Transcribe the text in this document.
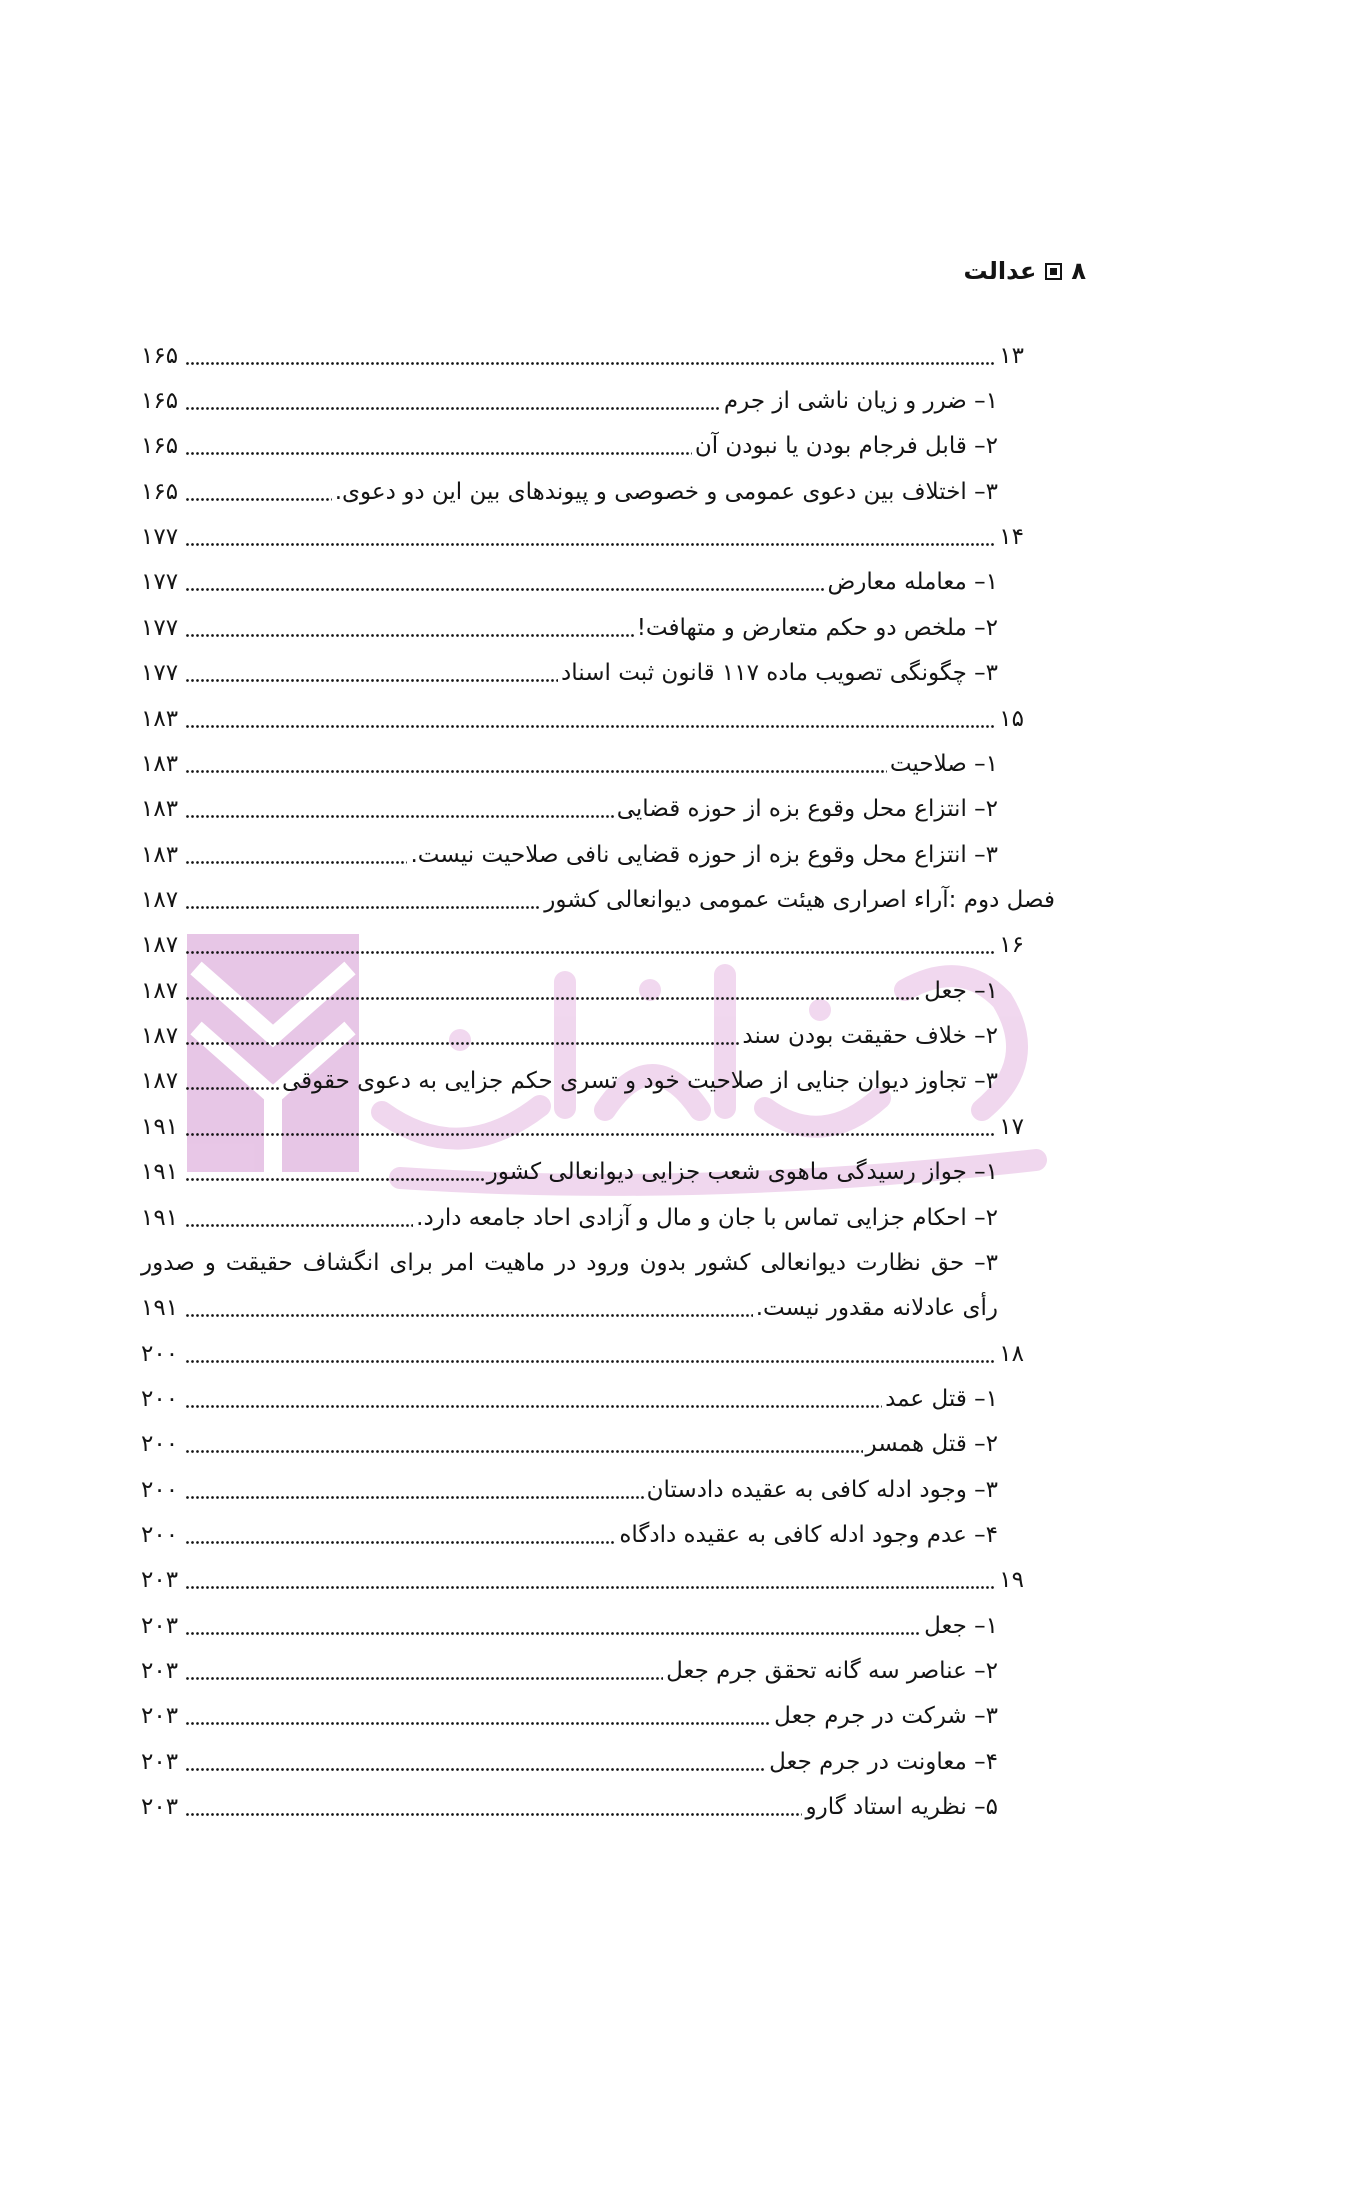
۸
عدالت
۱۳
۱۶۵
۱– ضرر و زیان ناشی از جرم
۱۶۵
۲– قابل فرجام بودن یا نبودن آن
۱۶۵
۳– اختلاف بین دعوی عمومی و خصوصی و پیوندهای بین این دو دعوی.
۱۶۵
۱۴
۱۷۷
۱– معامله معارض
۱۷۷
۲– ملخص دو حکم متعارض و متهافت!
۱۷۷
۳– چگونگی تصویب ماده ۱۱۷ قانون ثبت اسناد
۱۷۷
۱۵
۱۸۳
۱– صلاحیت
۱۸۳
۲– انتزاع محل وقوع بزه از حوزه قضایی
۱۸۳
۳– انتزاع محل وقوع بزه از حوزه قضایی نافی صلاحیت نیست.
۱۸۳
فصل دوم :آراء اصراری هیئت عمومی دیوانعالی کشور
۱۸۷
۱۶
۱۸۷
۱– جعل
۱۸۷
۲– خلاف حقیقت بودن سند
۱۸۷
۳– تجاوز دیوان جنایی از صلاحیت خود و تسری حکم جزایی به دعوی حقوقی
۱۸۷
۱۷
۱۹۱
۱– جواز رسیدگی ماهوی شعب جزایی دیوانعالی کشور
۱۹۱
۲– احکام جزایی تماس با جان و مال و آزادی احاد جامعه دارد.
۱۹۱
۳– حق نظارت دیوانعالی کشور بدون ورود در ماهیت امر برای انگشاف حقیقت و صدور
رأی عادلانه مقدور نیست.
۱۹۱
۱۸
۲۰۰
۱– قتل عمد
۲۰۰
۲– قتل همسر
۲۰۰
۳– وجود ادله کافی به عقیده دادستان
۲۰۰
۴– عدم وجود ادله کافی به عقیده دادگاه
۲۰۰
۱۹
۲۰۳
۱– جعل
۲۰۳
۲– عناصر سه گانه تحقق جرم جعل
۲۰۳
۳– شرکت در جرم جعل
۲۰۳
۴– معاونت در جرم جعل
۲۰۳
۵– نظریه استاد گارو
۲۰۳
